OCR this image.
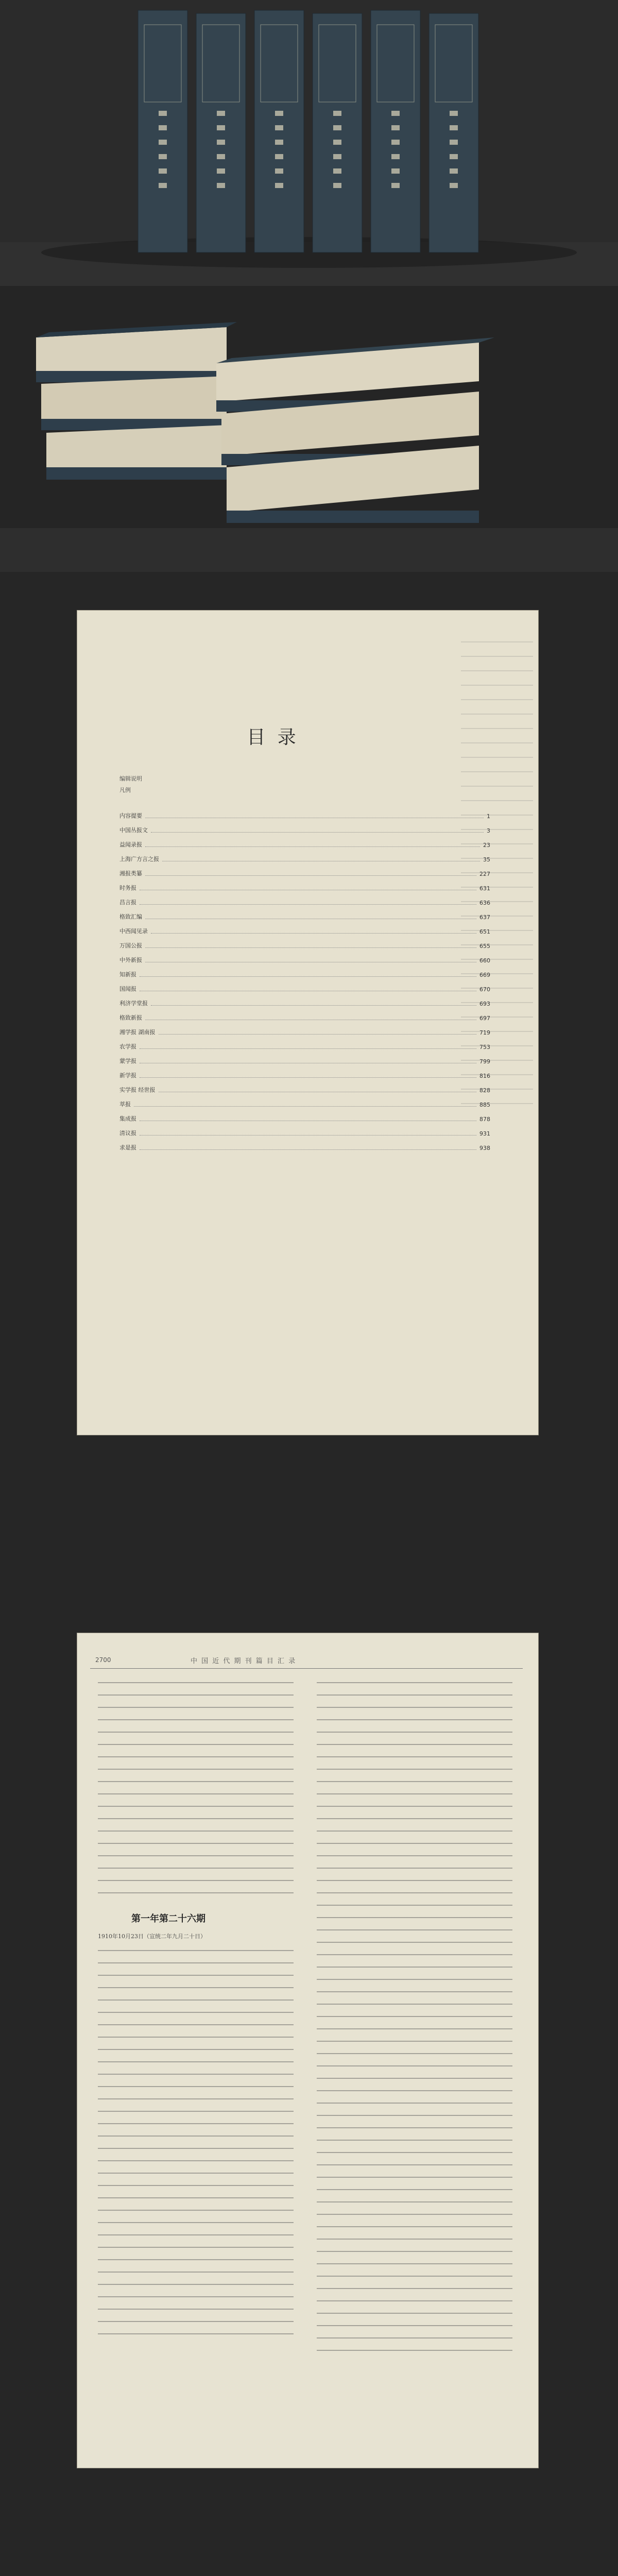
目 录
编辑说明
凡例
内容提要	1
中国丛报文	3
益闻录报	23
上海广方言之报	35
湘报类纂	227
时务报	631
昌言报	636
格致汇编	637
中西闻见录	651
万国公报	655
中外新报	660
知新报	669
国闻报	670
利济学堂报	693
格致新报	697
湘学报 湖南报	719
农学报	753
蒙学报	799
新学报	816
实学报 经世报	828
萃报	885
集成报	878
清议报	931
求是报	938
2700	中 国 近 代 期 刊 篇 目 汇 录
第一年第二十六期
1910年10月23日（宣统二年九月二十日）
